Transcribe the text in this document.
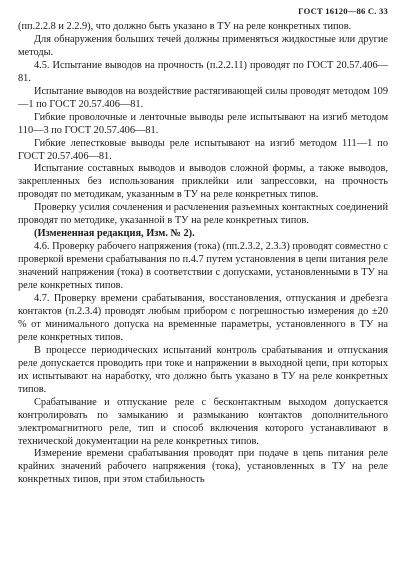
ГОСТ 16120—86 С. 33

(пп.2.2.8 и 2.2.9), что должно быть указано в ТУ на реле конкретных типов.

Для обнаружения больших течей должны применяться жидкостные или другие методы.

4.5. Испытание выводов на прочность (п.2.2.11) проводят по ГОСТ 20.57.406—81.

Испытание выводов на воздействие растягивающей силы проводят методом 109—1 по ГОСТ 20.57.406—81.

Гибкие проволочные и ленточные выводы реле испытывают на изгиб методом 110—3 по ГОСТ 20.57.406—81.

Гибкие лепестковые выводы реле испытывают на изгиб методом 111—1 по ГОСТ 20.57.406—81.

Испытание составных выводов и выводов сложной формы, а также выводов, закрепленных без использования приклейки или запрессовки, на прочность проводят по методикам, указанным в ТУ на реле конкретных типов.

Проверку усилия сочленения и расчленения разъемных контактных соединений проводят по методике, указанной в ТУ на реле конкретных типов.

(Измененная редакция, Изм. № 2).

4.6. Проверку рабочего напряжения (тока) (пп.2.3.2, 2.3.3) проводят совместно с проверкой времени срабатывания по п.4.7 путем установления в цепи питания реле значений напряжения (тока) в соответствии с допусками, установленными в ТУ на реле конкретных типов.

4.7. Проверку времени срабатывания, восстановления, отпускания и дребезга контактов (п.2.3.4) проводят любым прибором с погрешностью измерения до ±20 % от минимального допуска на временные параметры, установленного в ТУ на реле конкретных типов.

В процессе периодических испытаний контроль срабатывания и отпускания реле допускается проводить при токе и напряжении в выходной цепи, при которых их испытывают на наработку, что должно быть указано в ТУ на реле конкретных типов.

Срабатывание и отпускание реле с бесконтактным выходом допускается контролировать по замыканию и размыканию контактов дополнительного электромагнитного реле, тип и способ включения которого устанавливают в технической документации на реле конкретных типов.

Измерение времени срабатывания проводят при подаче в цепь питания реле крайних значений рабочего напряжения (тока), установленных в ТУ на реле конкретных типов, при этом стабильность
